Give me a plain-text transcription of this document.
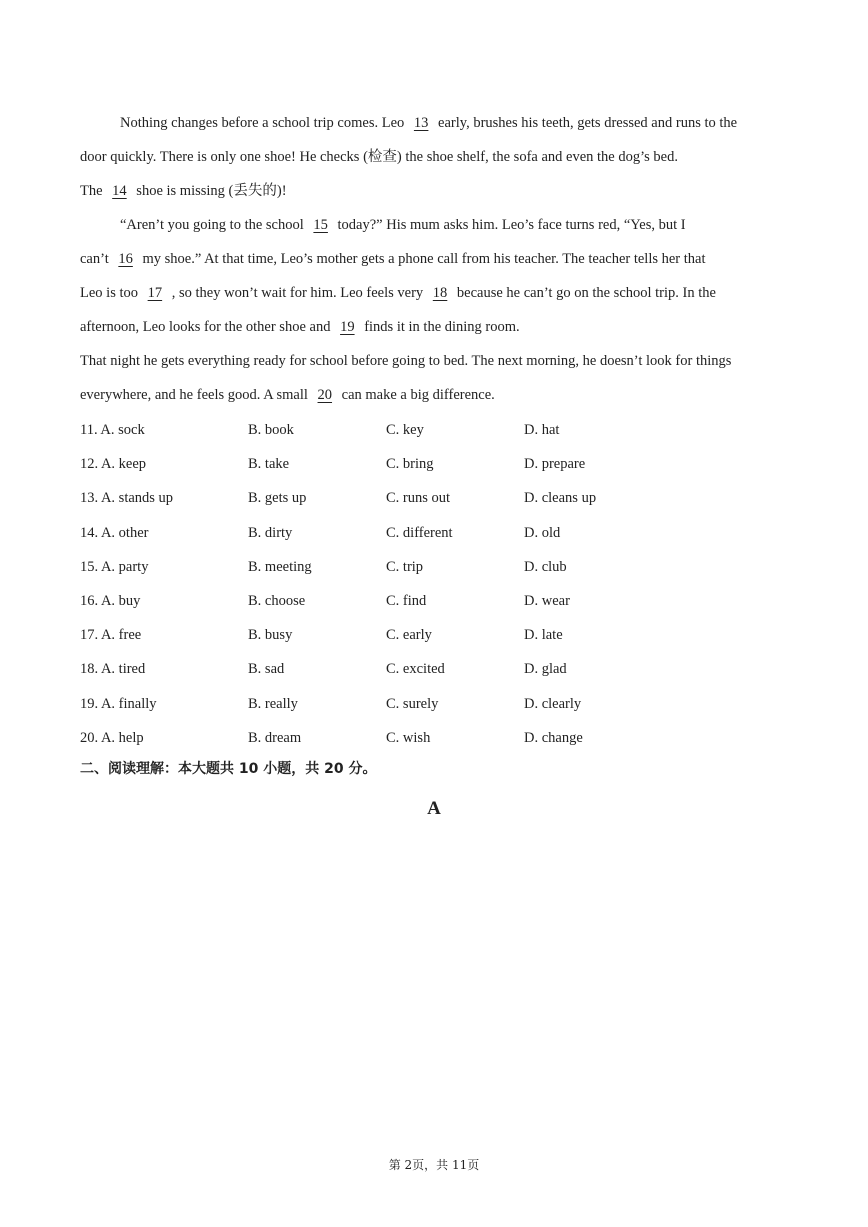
Nothing changes before a school trip comes. Leo 13 early, brushes his teeth, gets dressed and runs to the
door quickly. There is only one shoe! He checks (检查) the shoe shelf, the sofa and even the dog’s bed.
The 14 shoe is missing (丢失的)!
“Aren’t you going to the school 15 today?” His mum asks him. Leo’s face turns red, “Yes, but I
can’t 16 my shoe.” At that time, Leo’s mother gets a phone call from his teacher. The teacher tells her that
Leo is too 17 , so they won’t wait for him. Leo feels very 18 because he can’t go on the school trip. In the
afternoon, Leo looks for the other shoe and 19 finds it in the dining room.
That night he gets everything ready for school before going to bed. The next morning, he doesn’t look for things
everywhere, and he feels good. A small 20 can make a big difference.
11. A. sock	B. book	C. key	D. hat
12. A. keep	B. take	C. bring	D. prepare
13. A. stands up	B. gets up	C. runs out	D. cleans up
14. A. other	B. dirty	C. different	D. old
15. A. party	B. meeting	C. trip	D. club
16. A. buy	B. choose	C. find	D. wear
17. A. free	B. busy	C. early	D. late
18. A. tired	B. sad	C. excited	D. glad
19. A. finally	B. really	C. surely	D. clearly
20. A. help	B. dream	C. wish	D. change
二、阅读理解：本大题共 10 小题，共 20 分。
A
第 2页，共 11页
